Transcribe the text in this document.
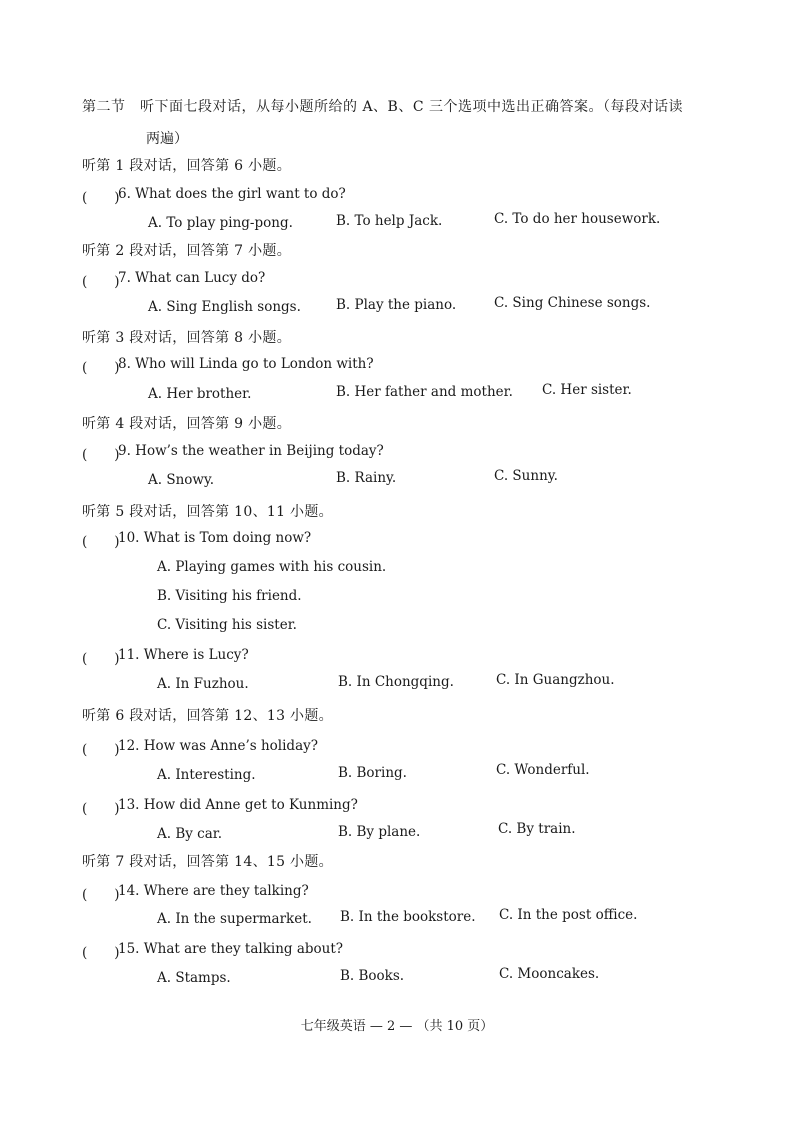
第二节　听下面七段对话，从每小题所给的 A、B、C 三个选项中选出正确答案。（每段对话读
两遍）
听第 1 段对话，回答第 6 小题。
(　　)
6. What does the girl want to do?
A. To play ping-pong.	B. To help Jack.	C. To do her housework.
听第 2 段对话，回答第 7 小题。
(　　)
7. What can Lucy do?
A. Sing English songs.	B. Play the piano.	C. Sing Chinese songs.
听第 3 段对话，回答第 8 小题。
(　　)
8. Who will Linda go to London with?
A. Her brother.	B. Her father and mother. C. Her sister.
听第 4 段对话，回答第 9 小题。
(　　)
9. How’s the weather in Beijing today?
A. Snowy.	B. Rainy.	C. Sunny.
听第 5 段对话，回答第 10、11 小题。
(　　)
10. What is Tom doing now?
A. Playing games with his cousin.
B. Visiting his friend.
C. Visiting his sister.
(　　)
11. Where is Lucy?
A. In Fuzhou.	B. In Chongqing.	C. In Guangzhou.
听第 6 段对话，回答第 12、13 小题。
(　　)
12. How was Anne’s holiday?
A. Interesting.	B. Boring.	C. Wonderful.
(　　)
13. How did Anne get to Kunming?
A. By car.	B. By plane.	C. By train.
听第 7 段对话，回答第 14、15 小题。
(　　)
14. Where are they talking?
A. In the supermarket. B. In the bookstore. C. In the post office.
(　　)
15. What are they talking about?
A. Stamps.	B. Books.	C. Mooncakes.
七年级英语 — 2 — （共 10 页）
